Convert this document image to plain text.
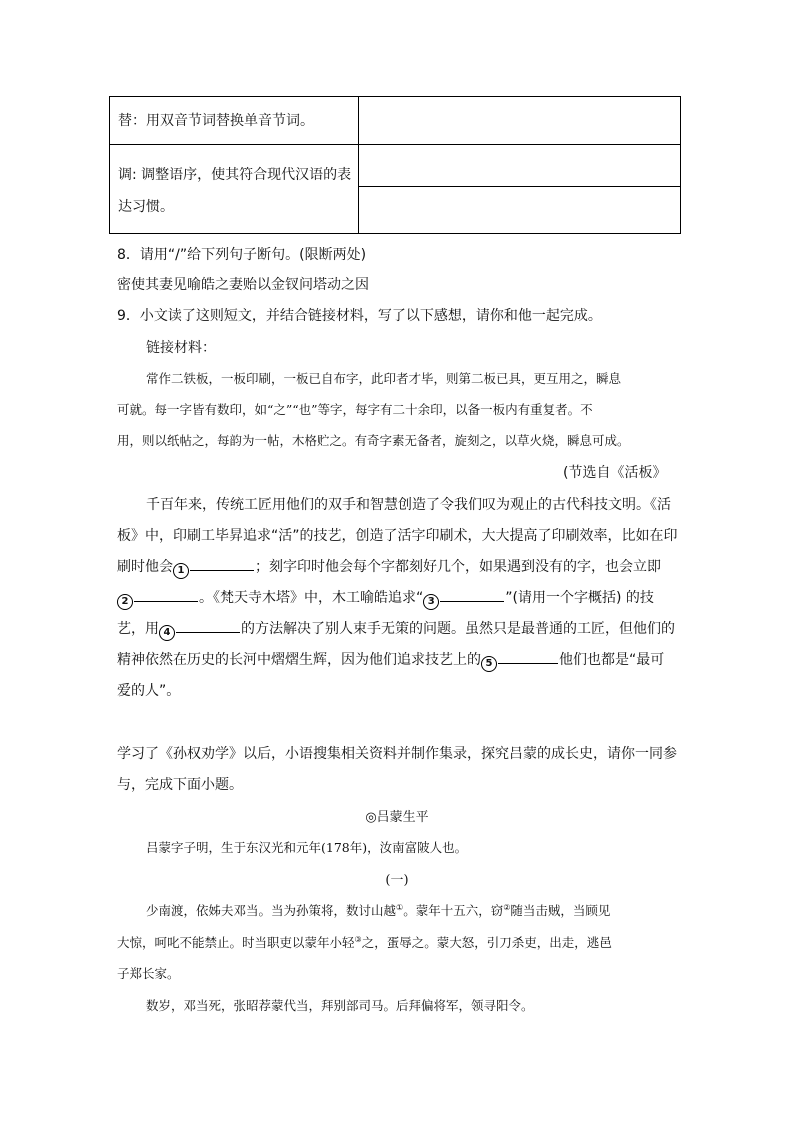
替：用双音节词替换单音节词。
调: 调整语序，使其符合现代汉语的表达习惯。
8．请用“/”给下列句子断句。(限断两处)
密使其妻见喻皓之妻贻以金钗问塔动之因
9．小文读了这则短文，并结合链接材料，写了以下感想，请你和他一起完成。
链接材料：
常作二铁板，一板印刷，一板已自布字，此印者才毕，则第二板已具，更互用之，瞬息
可就。每一字皆有数印，如“之”“也”等字，每字有二十余印，以备一板内有重复者。不
用，则以纸帖之，每韵为一帖，木格贮之。有奇字素无备者，旋刻之，以草火烧，瞬息可成。
(节选自《活板》
千百年来，传统工匠用他们的双手和智慧创造了令我们叹为观止的古代科技文明。《活
板》中，印刷工毕昇追求“活”的技艺，创造了活字印刷术，大大提高了印刷效率，比如在印
刷时他会 1	；刻字印时他会每个字都刻好几个，如果遇到没有的字，也会立即
2	。《梵天寺木塔》中，木工喻皓追求“ 3	”(请用一个字概括) 的技
艺，用 4	的方法解决了别人束手无策的问题。虽然只是最普通的工匠，但他们的
精神依然在历史的长河中熠熠生辉，因为他们追求技艺上的 5	他们也都是“最可
爱的人”。
学习了《孙权劝学》以后，小语搜集相关资料并制作集录，探究吕蒙的成长史，请你一同参
与，完成下面小题。
◎吕蒙生平
吕蒙字子明，生于东汉光和元年(178年)，汝南富陂人也。
(一)
少南渡，依姊夫邓当。当为孙策将，数讨山越①。蒙年十五六，窃②随当击贼，当顾见
大惊，呵叱不能禁止。时当职吏以蒙年小轻③之，蛋辱之。蒙大怒，引刀杀吏，出走，逃邑
子郑长家。
数岁，邓当死，张昭荐蒙代当，拜别部司马。后拜偏将军，领寻阳令。
